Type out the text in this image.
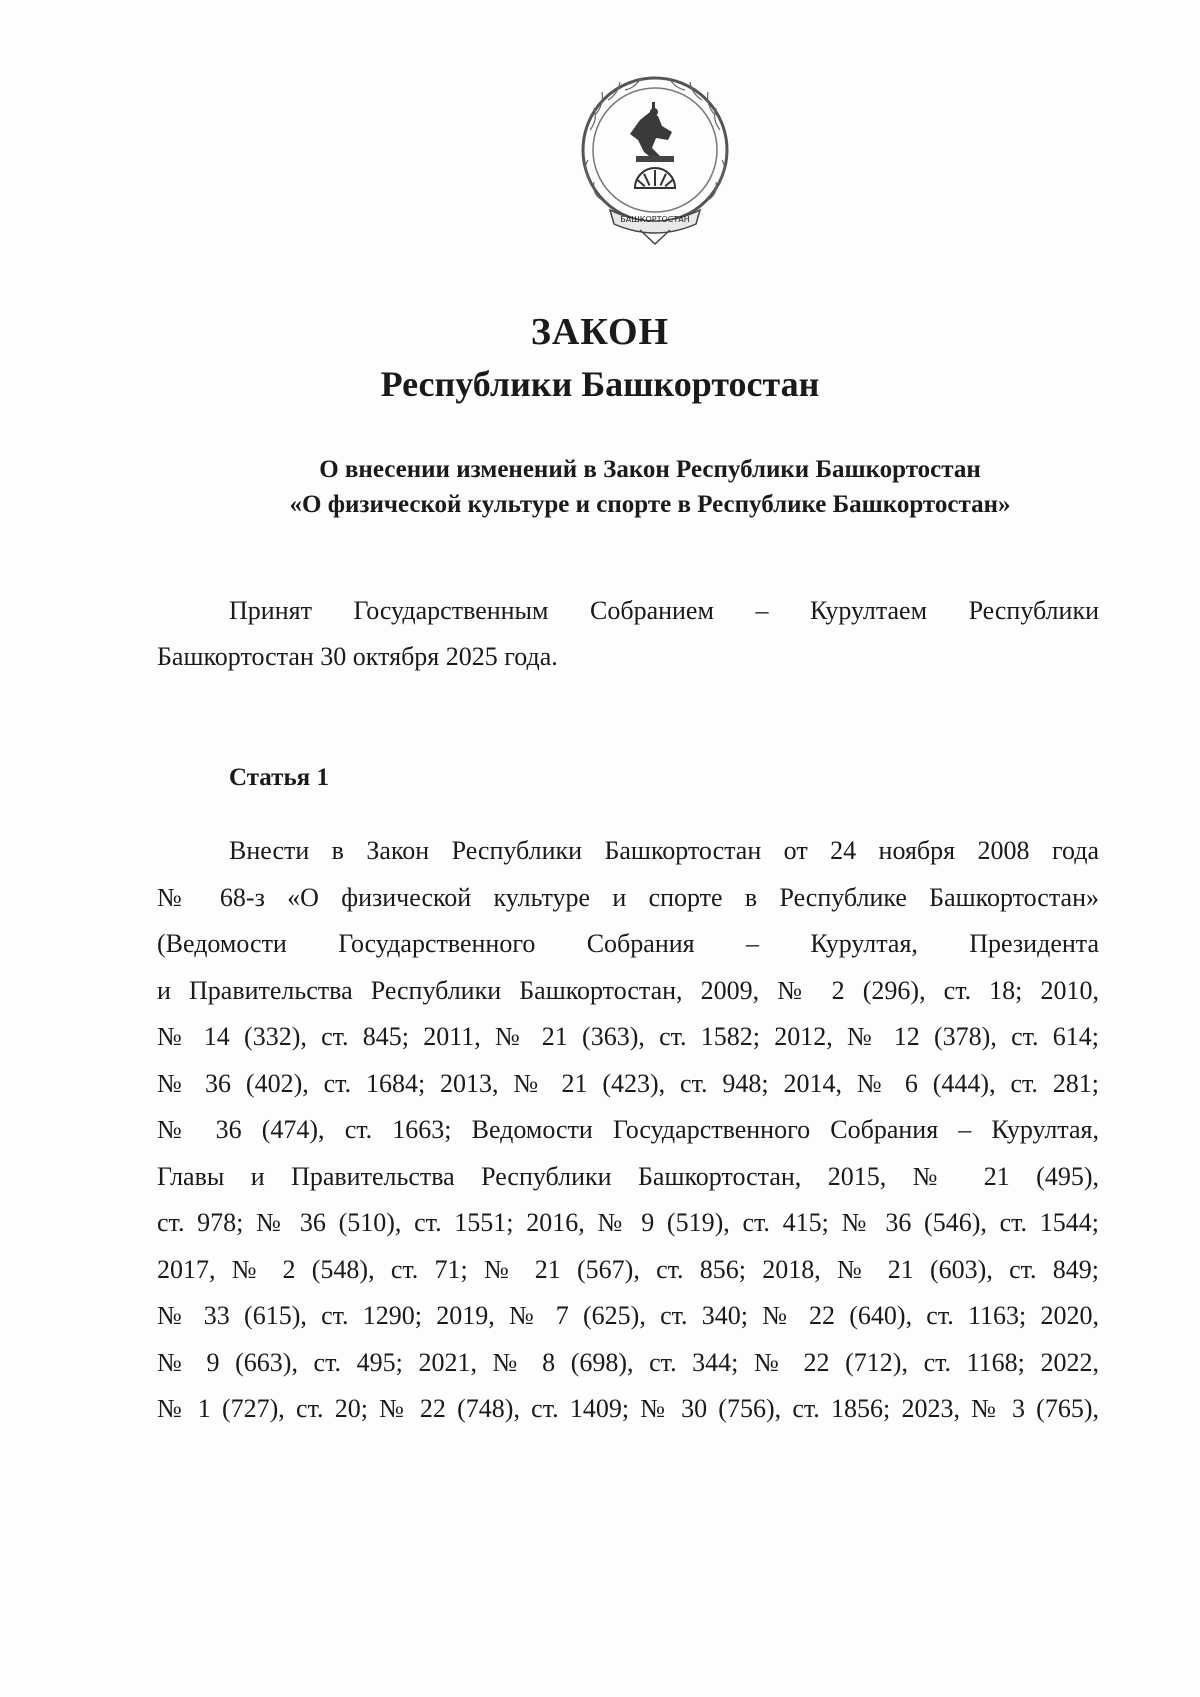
БАШКОРТОСТАН
ЗАКОН
Республики Башкортостан
О внесении изменений в Закон Республики Башкортостан
«О физической культуре и спорте в Республике Башкортостан»
Принят Государственным Собранием – Курултаем Республики
Башкортостан 30 октября 2025 года.
Статья 1
Внести в Закон Республики Башкортостан от 24 ноября 2008 года
№ 68-з «О физической культуре и спорте в Республике Башкортостан»
(Ведомости Государственного Собрания – Курултая, Президента
и Правительства Республики Башкортостан, 2009, № 2 (296), ст. 18; 2010,
№ 14 (332), ст. 845; 2011, № 21 (363), ст. 1582; 2012, № 12 (378), ст. 614;
№ 36 (402), ст. 1684; 2013, № 21 (423), ст. 948; 2014, № 6 (444), ст. 281;
№ 36 (474), ст. 1663; Ведомости Государственного Собрания – Курултая,
Главы и Правительства Республики Башкортостан, 2015, № 21 (495),
ст. 978; № 36 (510), ст. 1551; 2016, № 9 (519), ст. 415; № 36 (546), ст. 1544;
2017, № 2 (548), ст. 71; № 21 (567), ст. 856; 2018, № 21 (603), ст. 849;
№ 33 (615), ст. 1290; 2019, № 7 (625), ст. 340; № 22 (640), ст. 1163; 2020,
№ 9 (663), ст. 495; 2021, № 8 (698), ст. 344; № 22 (712), ст. 1168; 2022,
№ 1 (727), ст. 20; № 22 (748), ст. 1409; № 30 (756), ст. 1856; 2023, № 3 (765),
